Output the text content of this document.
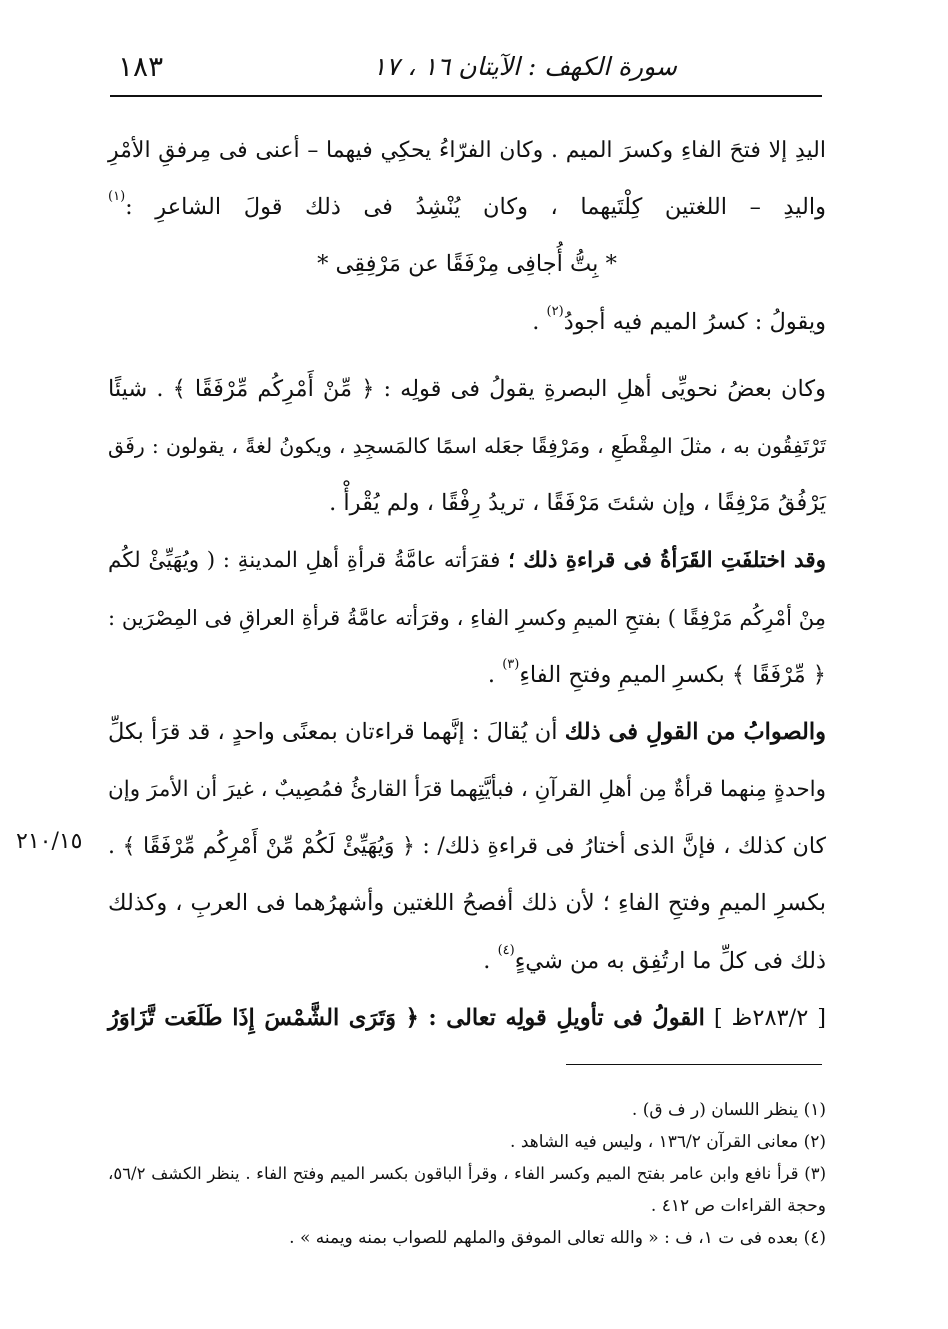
سورة الكهف : الآيتان ١٦ ، ١٧
١٨٣
٢١٠/١٥
اليدِ إلا فتحَ الفاءِ وكسرَ الميم . وكان الفرّاءُ يحكِي فيهما – أعنى فى مِرفقِ الأمْرِ
واليدِ – اللغتين كِلْتَيهما ، وكان يُنْشِدُ فى ذلك قولَ الشاعرِ :$^{(١)}$
* بِتُّ أُجافِى مِرْفَقًا عن مَرْفِقِى *
ويقولُ : كسرُ الميم فيه أجودُ$^{(٢)}$ .
وكان بعضُ نحويِّى أهلِ البصرةِ يقولُ فى قولِه : ﴿ مِّنْ أَمْرِكُم مِّرْفَقًا ﴾ . شيئًا
تَرْتَفِقُون به ، مثلَ المِقْطَعِ ، ومَرْفِقًا جعَله اسمًا كالمَسجِدِ ، ويكونُ لغةً ، يقولون : رفَق
يَرْفُقُ مَرْفِقًا ، وإن شئتَ مَرْفَقًا ، تريدُ رِفْقًا ، ولم يُقْرأْ .
وقد اختلفَتِ القَرَأةُ فى قراءةِ ذلك ؛ فقرَأته عامَّةُ قرأةِ أهلِ المدينةِ : ( ويُهَيِّئْ لكُم
مِنْ أمْرِكُم مَرْفِقًا ) بفتحِ الميمِ وكسرِ الفاءِ ، وقرَأته عامَّةُ قرأةِ العراقِ فى المِصْرَين :
﴿ مِّرْفَقًا ﴾ بكسرِ الميمِ وفتحِ الفاءِ$^{(٣)}$ .
والصوابُ من القولِ فى ذلك أن يُقالَ : إنَّهما قراءتان بمعنًى واحدٍ ، قد قرَأ بكلِّ
واحدةٍ مِنهما قرأةٌ مِن أهلِ القرآنِ ، فبأيَّتِهما قرَأ القارئُ فمُصِيبٌ ، غيرَ أن الأمرَ وإن
كان كذلك ، فإنَّ الذى أختارُ فى قراءةِ ذلك/ : ﴿ وَيُهَيِّئْ لَكُمْ مِّنْ أَمْرِكُم مِّرْفَقًا ﴾ .
بكسرِ الميمِ وفتحِ الفاءِ ؛ لأن ذلك أفصحُ اللغتين وأشهرُهما فى العربِ ، وكذلك
ذلك فى كلِّ ما ارتُفِق به من شيءٍ$^{(٤)}$ .
[ ٢٨٣/٢ظ ] القولُ فى تأويلِ قولِه تعالى : ﴿ وَتَرَى الشَّمْسَ إِذَا طَلَعَت تَّزَاوَرُ
(١) ينظر اللسان (ر ف ق) .
(٢) معانى القرآن ١٣٦/٢ ، وليس فيه الشاهد .
(٣) قرأ نافع وابن عامر بفتح الميم وكسر الفاء ، وقرأ الباقون بكسر الميم وفتح الفاء . ينظر الكشف ٥٦/٢،
وحجة القراءات ص ٤١٢ .
(٤) بعده فى ت ١، ف : « والله تعالى الموفق والملهم للصواب بمنه ويمنه » .
